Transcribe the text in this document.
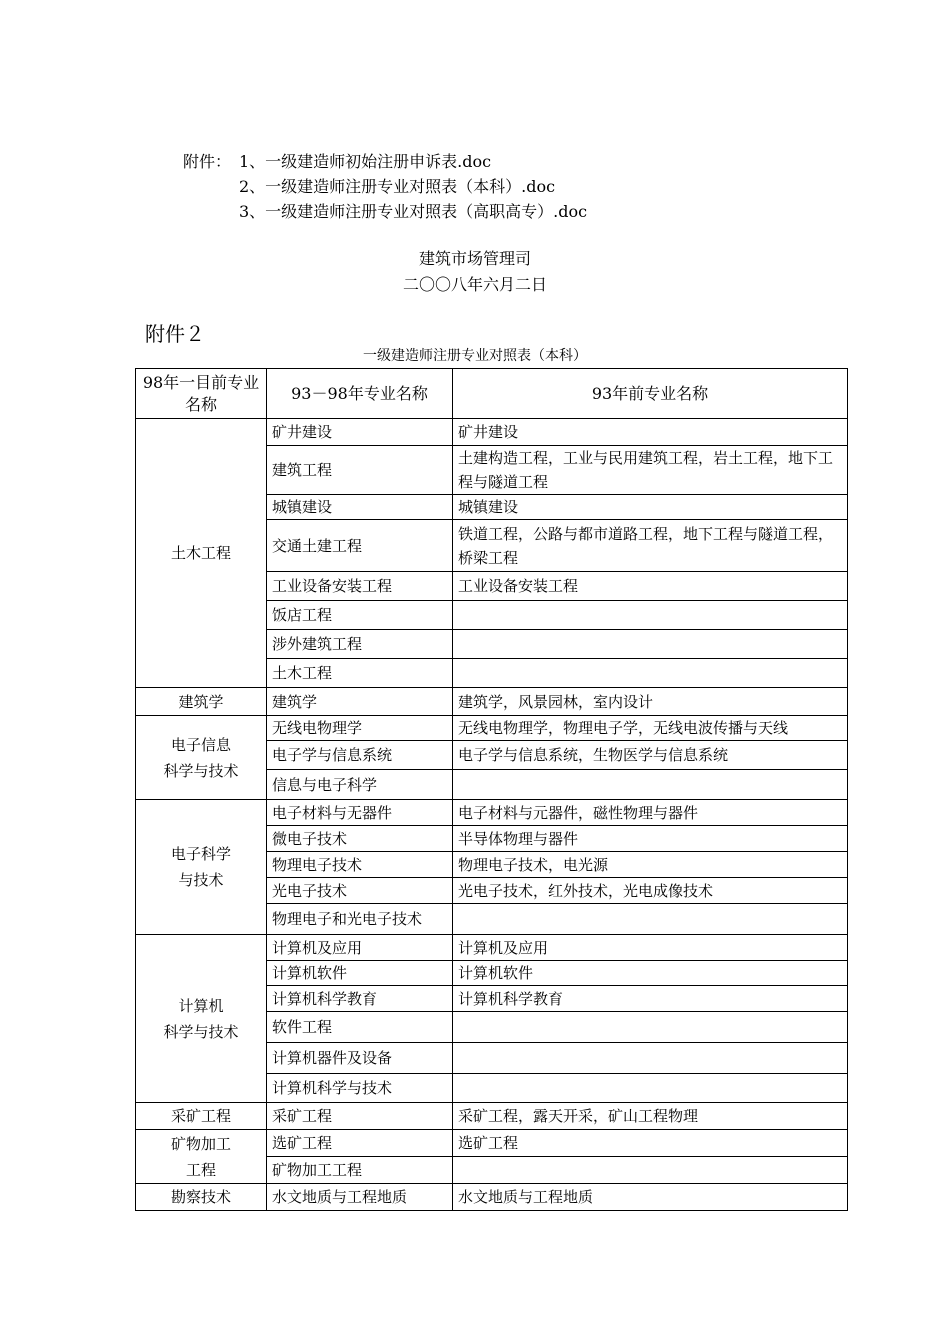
附件： 1、一级建造师初始注册申诉表.doc
2、一级建造师注册专业对照表（本科）.doc
3、一级建造师注册专业对照表（高职高专）.doc
建筑市场管理司
二〇〇八年六月二日
附件２
一级建造师注册专业对照表（本科）
98年一目前专业名称	93－98年专业名称	93年前专业名称

土木工程	矿井建设	矿井建设
	建筑工程	土建构造工程，工业与民用建筑工程，岩土工程，地下工程与隧道工程
	城镇建设	城镇建设
	交通土建工程	铁道工程，公路与都市道路工程，地下工程与隧道工程，桥梁工程
	工业设备安装工程	工业设备安装工程
	饭店工程	
	涉外建筑工程	
	土木工程	

建筑学	建筑学	建筑学，风景园林，室内设计

电子信息
科学与技术	无线电物理学	无线电物理学，物理电子学，无线电波传播与天线
	电子学与信息系统	电子学与信息系统，生物医学与信息系统
	信息与电子科学	

电子科学
与技术	电子材料与无器件	电子材料与元器件，磁性物理与器件
	微电子技术	半导体物理与器件
	物理电子技术	物理电子技术，电光源
	光电子技术	光电子技术，红外技术，光电成像技术
	物理电子和光电子技术	

计算机
科学与技术	计算机及应用	计算机及应用
	计算机软件	计算机软件
	计算机科学教育	计算机科学教育
	软件工程	
	计算机器件及设备	
	计算机科学与技术	

采矿工程	采矿工程	采矿工程，露天开采，矿山工程物理

矿物加工
工程	选矿工程	选矿工程
	矿物加工工程	

勘察技术	水文地质与工程地质	水文地质与工程地质
